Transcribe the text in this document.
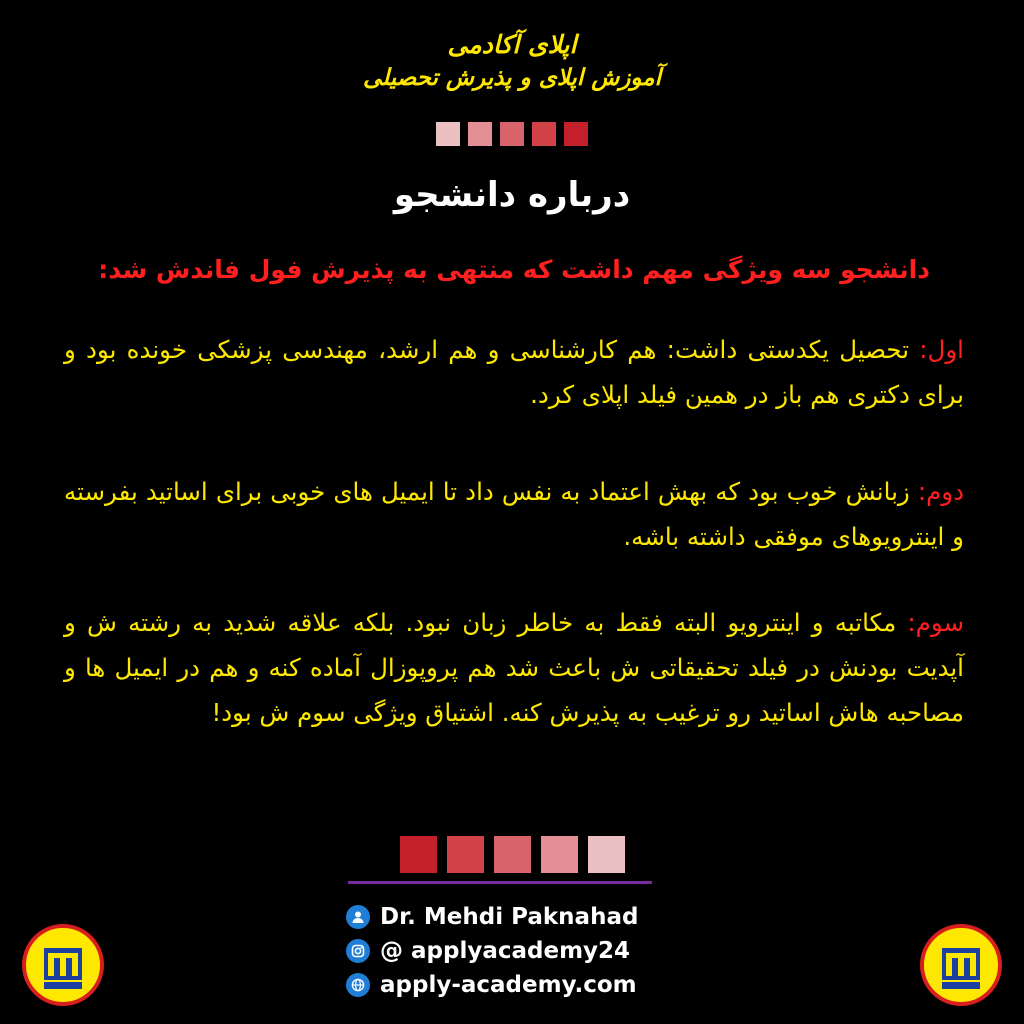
اپلای آکادمی
آموزش اپلای و پذیرش تحصیلی
درباره دانشجو
دانشجو سه ویژگی مهم داشت که منتهی به پذیرش فول فاندش شد:
اول: تحصیل یکدستی داشت: هم کارشناسی و هم ارشد، مهندسی پزشکی خونده بود و برای دکتری هم باز در همین فیلد اپلای کرد.
دوم: زبانش خوب بود که بهش اعتماد به نفس داد تا ایمیل های خوبی برای اساتید بفرسته و اینترویوهای موفقی داشته باشه.
سوم: مکاتبه و اینترویو البته فقط به خاطر زبان نبود. بلکه علاقه شدید به رشته ش و آپدیت بودنش در فیلد تحقیقاتی ش باعث شد هم پروپوزال آماده کنه و هم در ایمیل ها و مصاحبه هاش اساتید رو ترغیب به پذیرش کنه. اشتیاق ویژگی سوم ش بود!
Dr. Mehdi Paknahad
@ applyacademy24
apply-academy.com
